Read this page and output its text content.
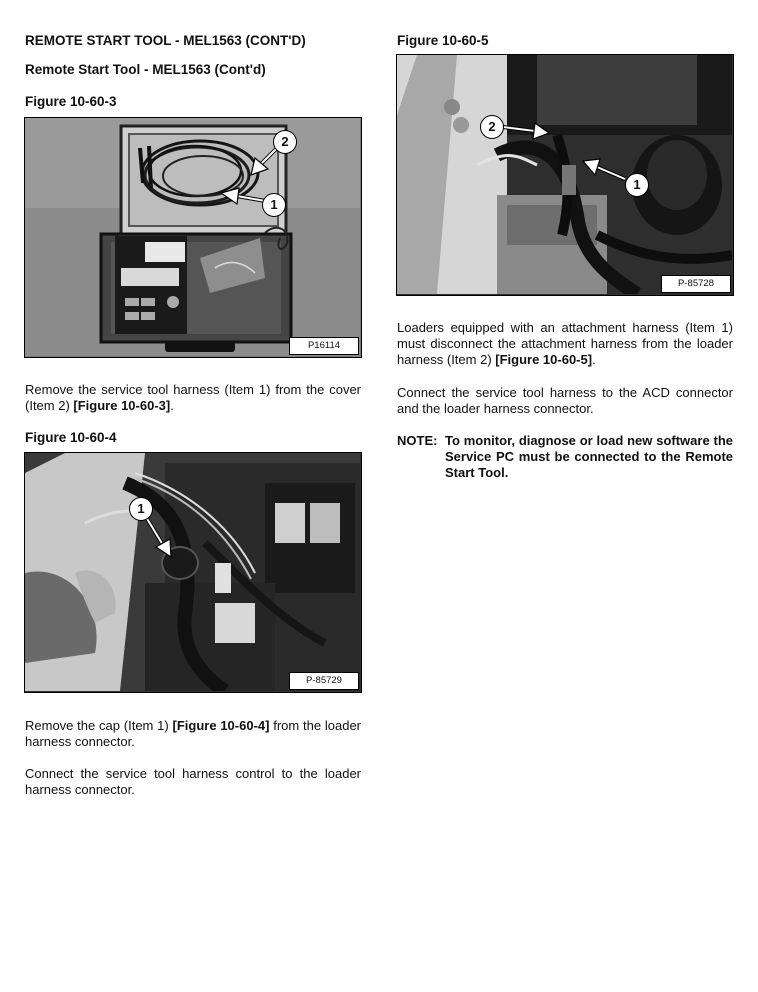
REMOTE START TOOL - MEL1563 (CONT'D)
Remote Start Tool - MEL1563 (Cont'd)
Figure 10-60-3
1
2
P16114
Remove the service tool harness (Item 1) from the cover (Item 2) [Figure 10-60-3].
Figure 10-60-4
1
P-85729
Remove the cap (Item 1) [Figure 10-60-4] from the loader harness connector.
Connect the service tool harness control to the loader harness connector.
Figure 10-60-5
2
1
P-85728
Loaders equipped with an attachment harness (Item 1) must disconnect the attachment harness from the loader harness (Item 2) [Figure 10-60-5].
Connect the service tool harness to the ACD connector and the loader harness connector.
NOTE: To monitor, diagnose or load new software the Service PC must be connected to the Remote Start Tool.
